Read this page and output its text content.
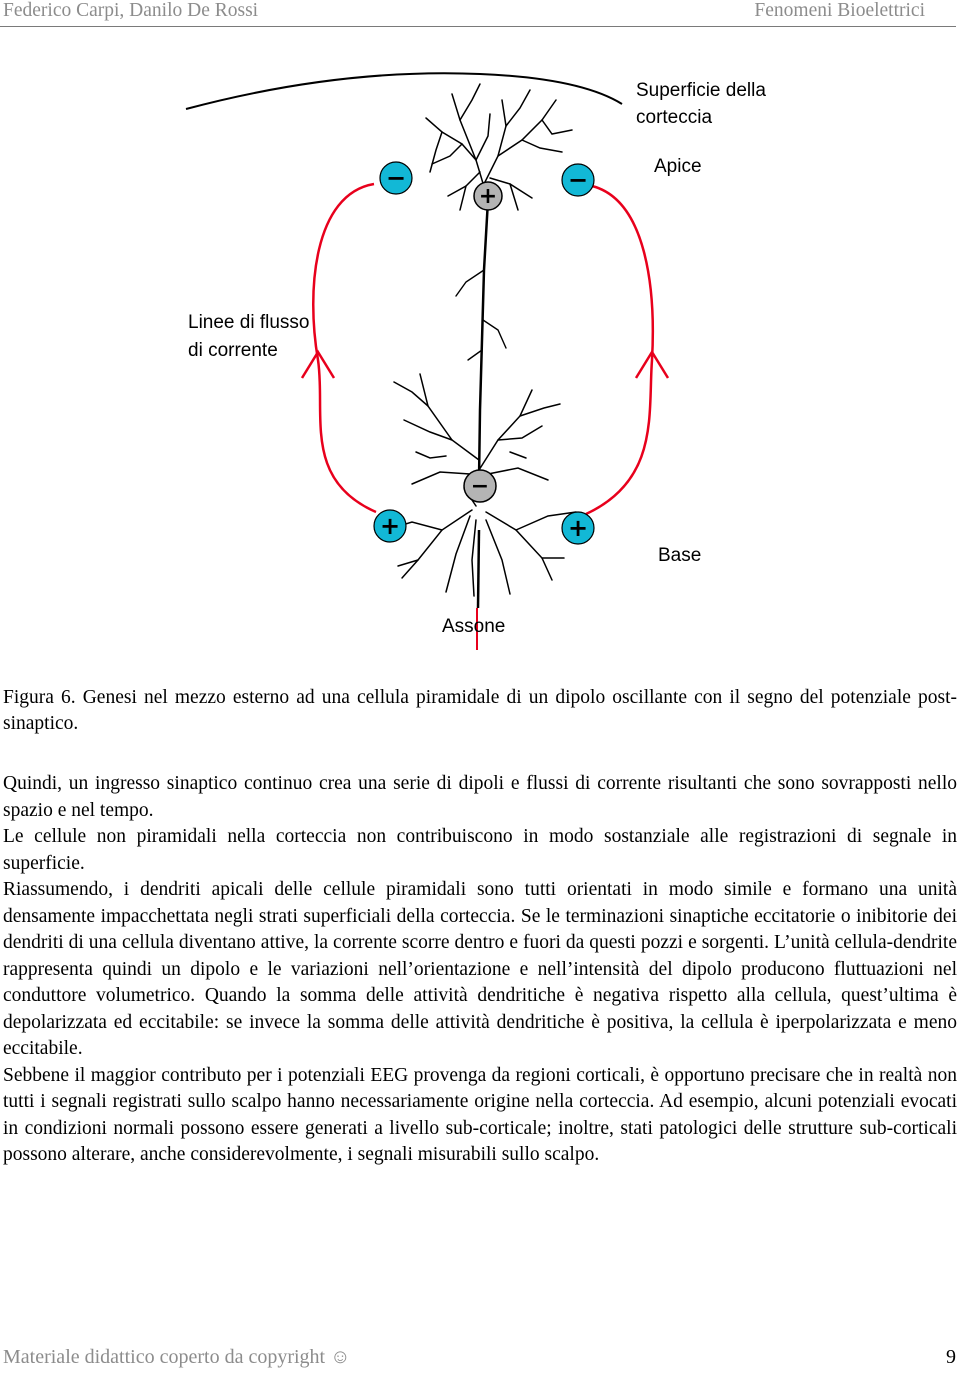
Federico Carpi, Danilo De Rossi	Fenomeni Bioelettrici
−
+
−	−
+	+
Superficie della
corteccia
Apice
Linee di flusso
di corrente
Base
Assone

Figura 6. Genesi nel mezzo esterno ad una cellula piramidale di un dipolo oscillante con il segno del potenziale post-sinaptico.

Quindi, un ingresso sinaptico continuo crea una serie di dipoli e flussi di corrente risultanti che sono sovrapposti nello spazio e nel tempo.

Le cellule non piramidali nella corteccia non contribuiscono in modo sostanziale alle registrazioni di segnale in superficie.

Riassumendo, i dendriti apicali delle cellule piramidali sono tutti orientati in modo simile e formano una unità densamente impacchettata negli strati superficiali della corteccia. Se le terminazioni sinaptiche eccitatorie o inibitorie dei dendriti di una cellula diventano attive, la corrente scorre dentro e fuori da questi pozzi e sorgenti. L’unità cellula-dendrite rappresenta quindi un dipolo e le variazioni nell’orientazione e nell’intensità del dipolo producono fluttuazioni nel conduttore volumetrico. Quando la somma delle attività dendritiche è negativa rispetto alla cellula, quest’ultima è depolarizzata ed eccitabile: se invece la somma delle attività dendritiche è positiva, la cellula è iperpolarizzata e meno eccitabile.

Sebbene il maggior contributo per i potenziali EEG provenga da regioni corticali, è opportuno precisare che in realtà non tutti i segnali registrati sullo scalpo hanno necessariamente origine nella corteccia. Ad esempio, alcuni potenziali evocati in condizioni normali possono essere generati a livello sub-corticale; inoltre, stati patologici delle strutture sub-corticali possono alterare, anche considerevolmente, i segnali misurabili sullo scalpo.

Materiale didattico coperto da copyright ☺	9
